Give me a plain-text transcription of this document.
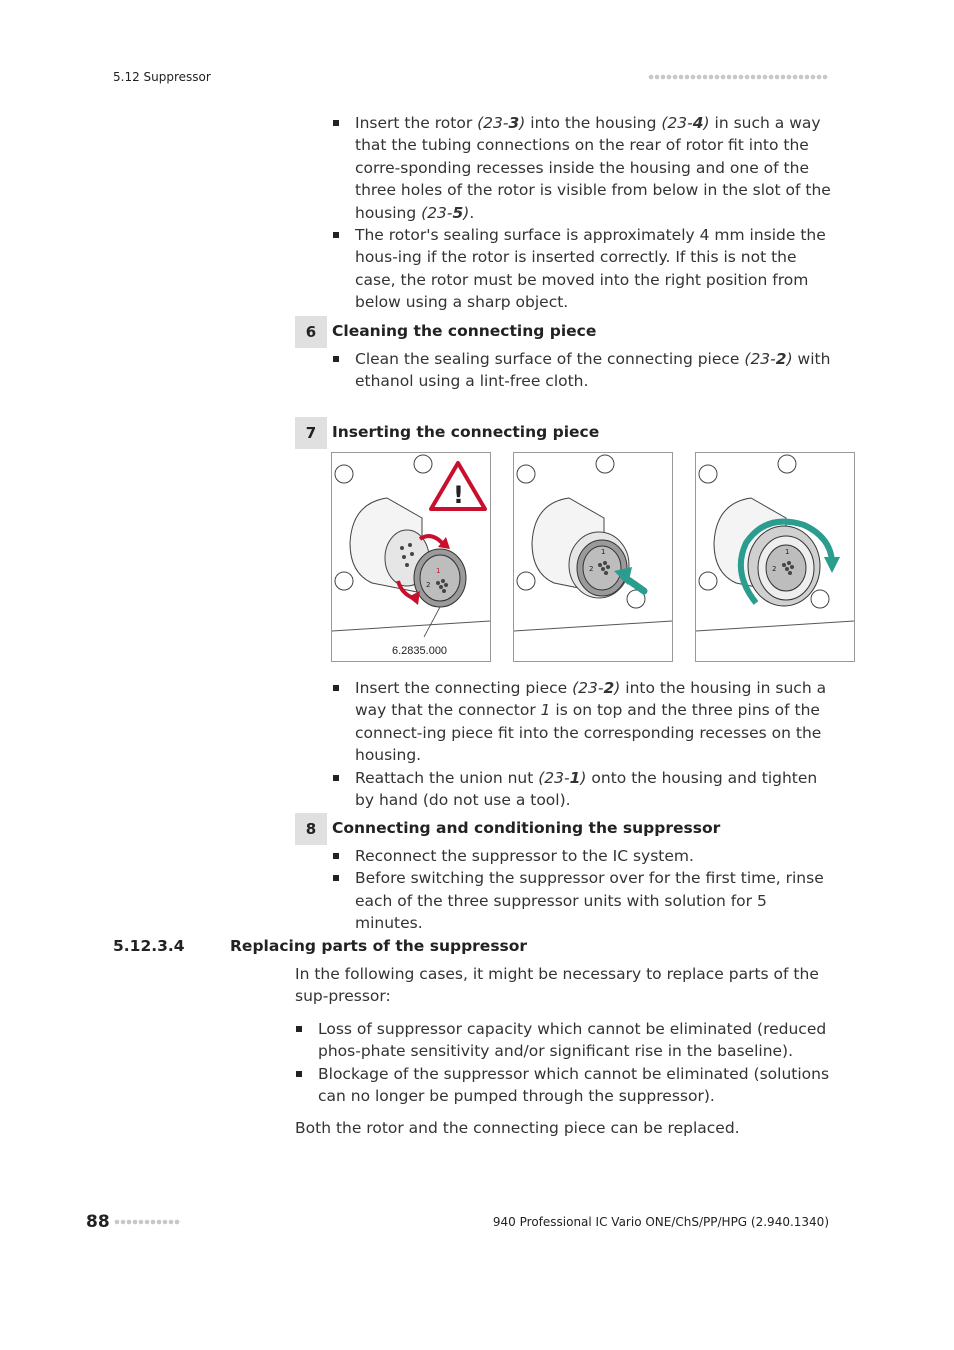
5.12 Suppressor
Insert the rotor (23-3) into the housing (23-4) in such a way that the tubing connections on the rear of rotor fit into the corre-sponding recesses inside the housing and one of the three holes of the rotor is visible from below in the slot of the housing (23-5).
The rotor's sealing surface is approximately 4 mm inside the hous-ing if the rotor is inserted correctly. If this is not the case, the rotor must be moved into the right position from below using a sharp object.
6	Cleaning the connecting piece
Clean the sealing surface of the connecting piece (23-2) with ethanol using a lint-free cloth.
7	Inserting the connecting piece
1
2
!
6.2835.000
1
2
1
2
Insert the connecting piece (23-2) into the housing in such a way that the connector 1 is on top and the three pins of the connect-ing piece fit into the corresponding recesses on the housing.
Reattach the union nut (23-1) onto the housing and tighten by hand (do not use a tool).
8	Connecting and conditioning the suppressor
Reconnect the suppressor to the IC system.
Before switching the suppressor over for the first time, rinse each of the three suppressor units with solution for 5 minutes.
5.12.3.4	Replacing parts of the suppressor
In the following cases, it might be necessary to replace parts of the sup-pressor:
Loss of suppressor capacity which cannot be eliminated (reduced phos-phate sensitivity and/or significant rise in the baseline).
Blockage of the suppressor which cannot be eliminated (solutions can no longer be pumped through the suppressor).
Both the rotor and the connecting piece can be replaced.
88	940 Professional IC Vario ONE/ChS/PP/HPG (2.940.1340)
